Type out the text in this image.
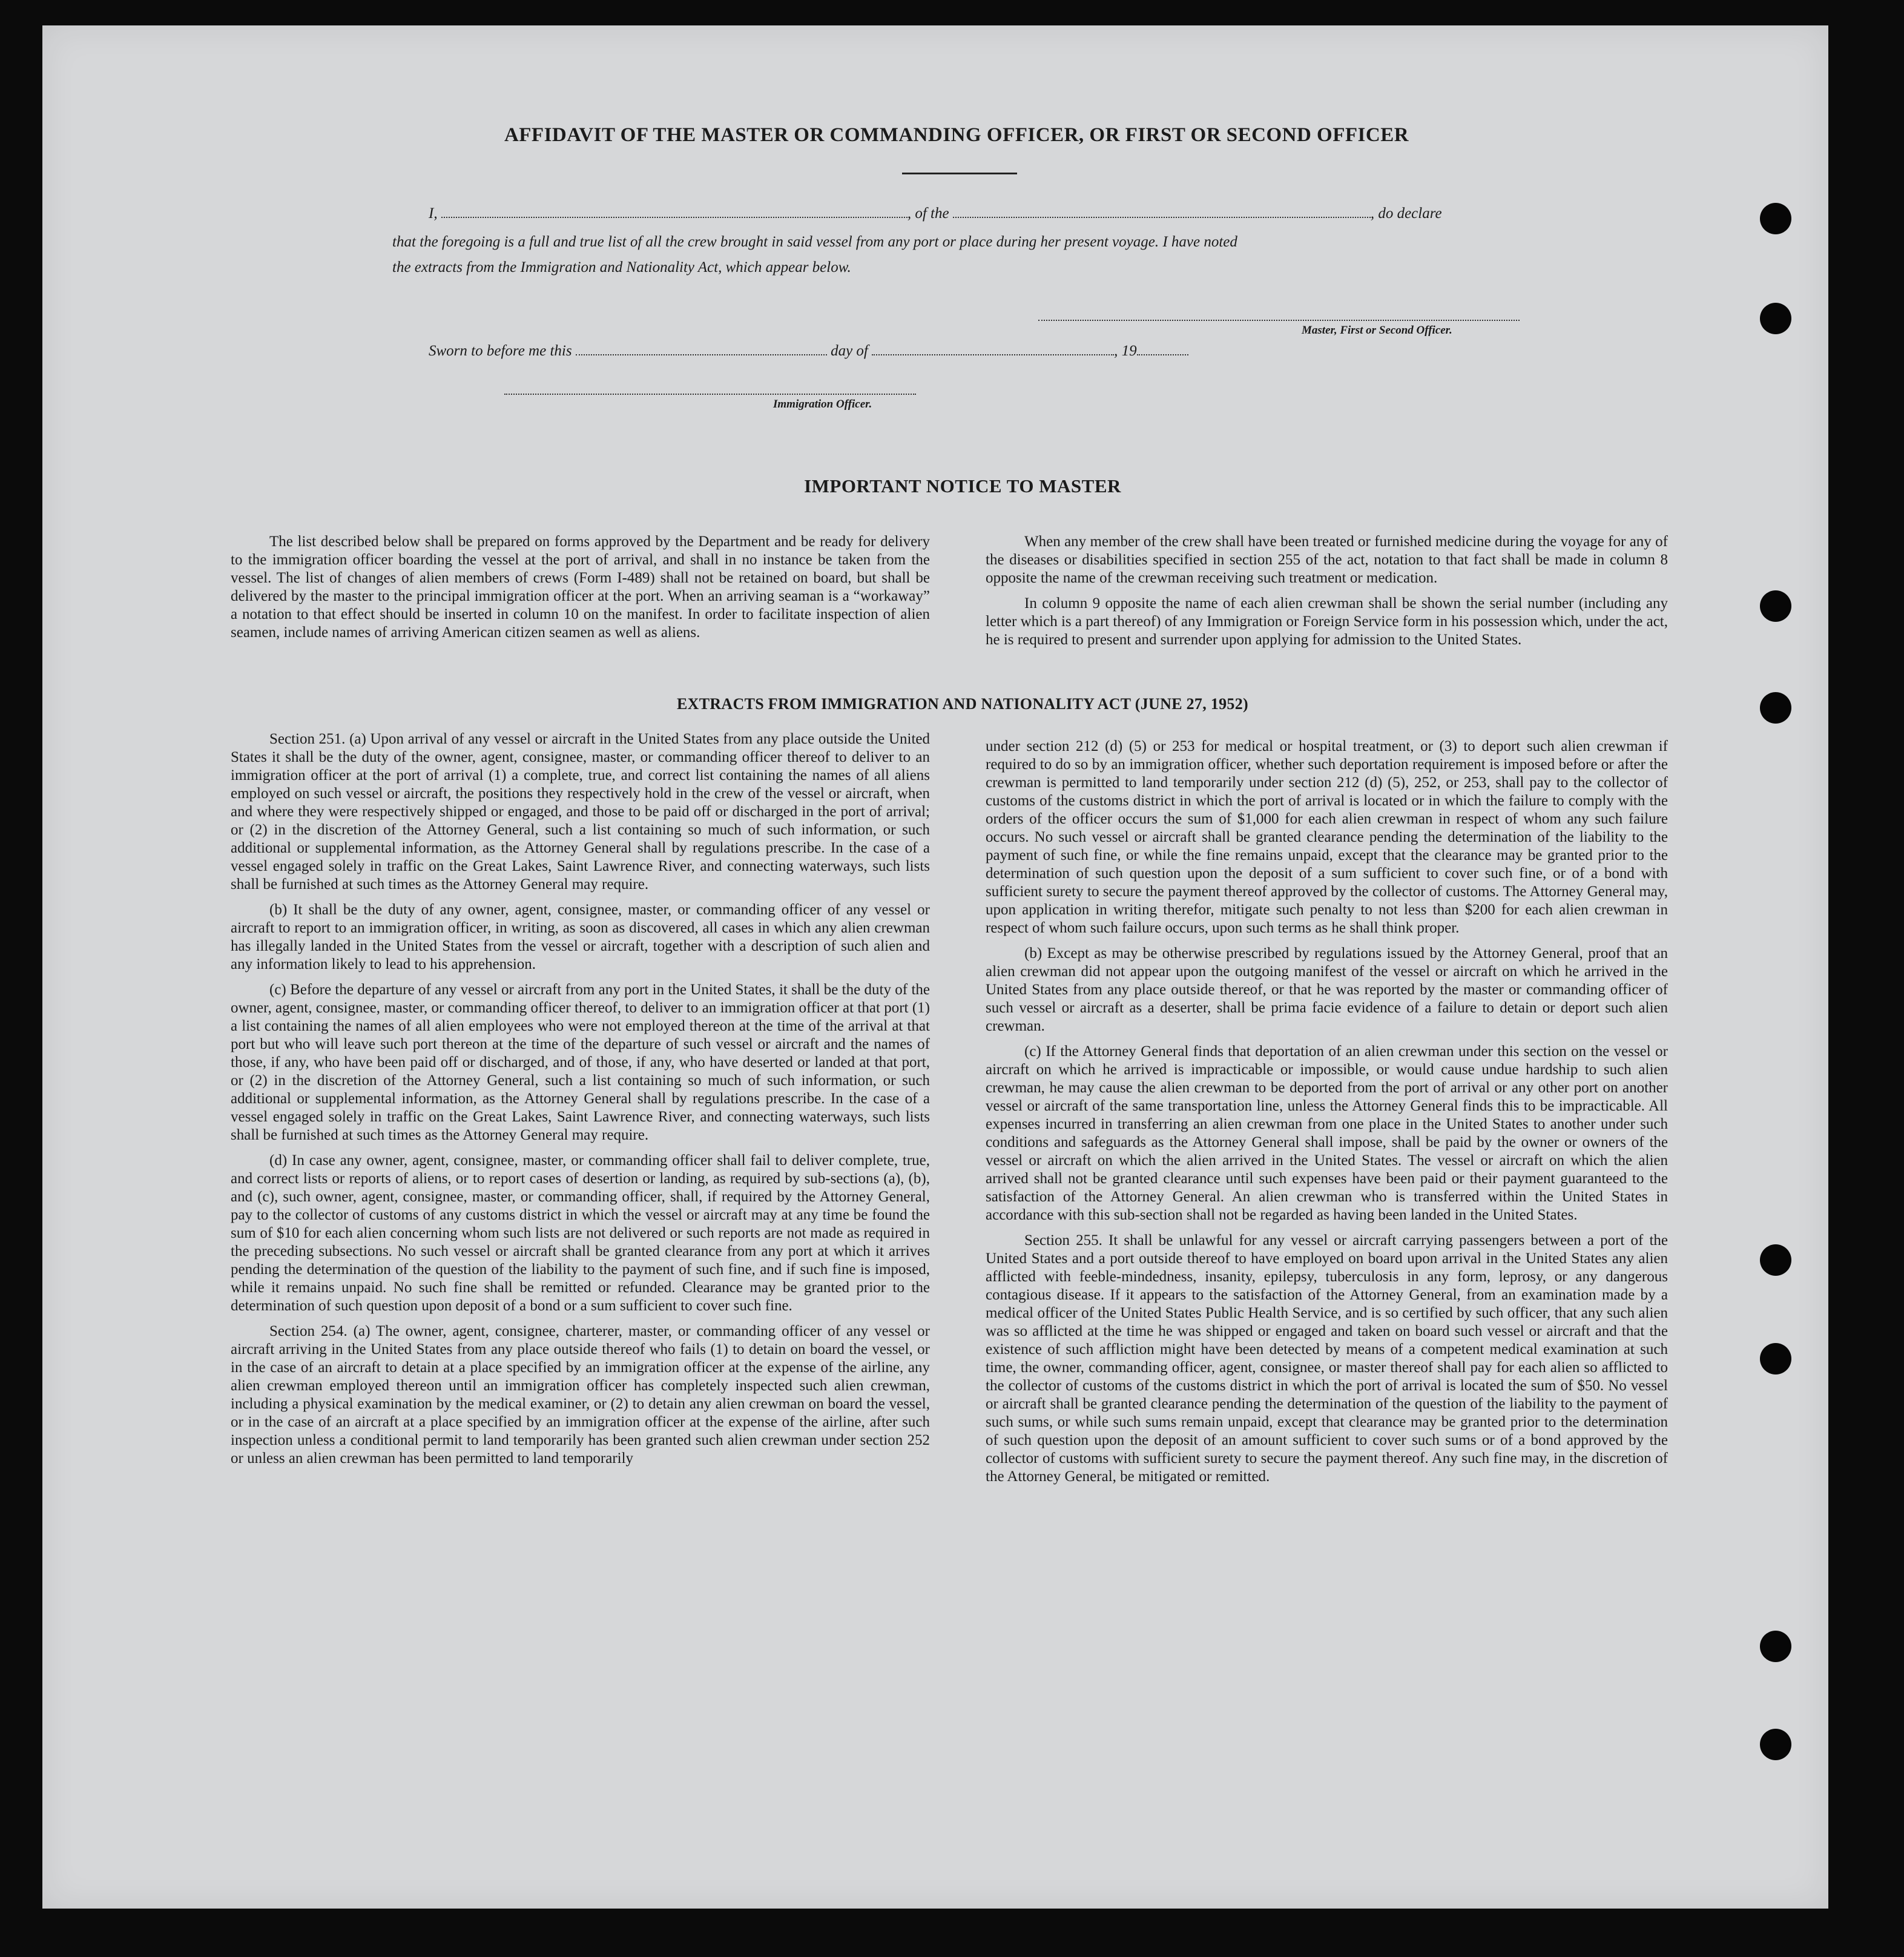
AFFIDAVIT OF THE MASTER OR COMMANDING OFFICER, OR FIRST OR SECOND OFFICER
I,	, of the	, do declare
that the foregoing is a full and true list of all the crew brought in said vessel from any port or place during her present voyage. I have noted
the extracts from the Immigration and Nationality Act, which appear below.
Master, First or Second Officer.
Sworn to before me this	day of	, 19
Immigration Officer.
IMPORTANT NOTICE TO MASTER

The list described below shall be prepared on forms approved by the Department and be ready for delivery to the immigration officer boarding the vessel at the port of arrival, and shall in no instance be taken from the vessel. The list of changes of alien members of crews (Form I-489) shall not be retained on board, but shall be delivered by the master to the principal immigration officer at the port. When an arriving seaman is a “workaway” a notation to that effect should be inserted in column 10 on the manifest. In order to facilitate inspection of alien seamen, include names of arriving American citizen seamen as well as aliens.

When any member of the crew shall have been treated or furnished medicine during the voyage for any of the diseases or disabilities specified in section 255 of the act, notation to that fact shall be made in column 8 opposite the name of the crewman receiving such treatment or medication.

In column 9 opposite the name of each alien crewman shall be shown the serial number (including any letter which is a part thereof) of any Immigration or Foreign Service form in his possession which, under the act, he is required to present and surrender upon applying for admission to the United States.

EXTRACTS FROM IMMIGRATION AND NATIONALITY ACT (JUNE 27, 1952)

Section 251. (a) Upon arrival of any vessel or aircraft in the United States from any place outside the United States it shall be the duty of the owner, agent, consignee, master, or commanding officer thereof to deliver to an immigration officer at the port of arrival (1) a complete, true, and correct list containing the names of all aliens employed on such vessel or aircraft, the positions they respectively hold in the crew of the vessel or aircraft, when and where they were respectively shipped or engaged, and those to be paid off or discharged in the port of arrival; or (2) in the discretion of the Attorney General, such a list containing so much of such information, or such additional or supplemental information, as the Attorney General shall by regulations prescribe. In the case of a vessel engaged solely in traffic on the Great Lakes, Saint Lawrence River, and connecting waterways, such lists shall be furnished at such times as the Attorney General may require.

(b) It shall be the duty of any owner, agent, consignee, master, or commanding officer of any vessel or aircraft to report to an immigration officer, in writing, as soon as discovered, all cases in which any alien crewman has illegally landed in the United States from the vessel or aircraft, together with a description of such alien and any information likely to lead to his apprehension.

(c) Before the departure of any vessel or aircraft from any port in the United States, it shall be the duty of the owner, agent, consignee, master, or commanding officer thereof, to deliver to an immigration officer at that port (1) a list containing the names of all alien employees who were not employed thereon at the time of the arrival at that port but who will leave such port thereon at the time of the departure of such vessel or aircraft and the names of those, if any, who have been paid off or discharged, and of those, if any, who have deserted or landed at that port, or (2) in the discretion of the Attorney General, such a list containing so much of such information, or such additional or supplemental information, as the Attorney General shall by regulations prescribe. In the case of a vessel engaged solely in traffic on the Great Lakes, Saint Lawrence River, and connecting waterways, such lists shall be furnished at such times as the Attorney General may require.

(d) In case any owner, agent, consignee, master, or commanding officer shall fail to deliver complete, true, and correct lists or reports of aliens, or to report cases of desertion or landing, as required by sub-sections (a), (b), and (c), such owner, agent, consignee, master, or commanding officer, shall, if required by the Attorney General, pay to the collector of customs of any customs district in which the vessel or aircraft may at any time be found the sum of $10 for each alien concerning whom such lists are not delivered or such reports are not made as required in the preceding subsections. No such vessel or aircraft shall be granted clearance from any port at which it arrives pending the determination of the question of the liability to the payment of such fine, and if such fine is imposed, while it remains unpaid. No such fine shall be remitted or refunded. Clearance may be granted prior to the determination of such question upon deposit of a bond or a sum sufficient to cover such fine.

Section 254. (a) The owner, agent, consignee, charterer, master, or commanding officer of any vessel or aircraft arriving in the United States from any place outside thereof who fails (1) to detain on board the vessel, or in the case of an aircraft to detain at a place specified by an immigration officer at the expense of the airline, any alien crewman employed thereon until an immigration officer has completely inspected such alien crewman, including a physical examination by the medical examiner, or (2) to detain any alien crewman on board the vessel, or in the case of an aircraft at a place specified by an immigration officer at the expense of the airline, after such inspection unless a conditional permit to land temporarily has been granted such alien crewman under section 252 or unless an alien crewman has been permitted to land temporarily

under section 212 (d) (5) or 253 for medical or hospital treatment, or (3) to deport such alien crewman if required to do so by an immigration officer, whether such deportation requirement is imposed before or after the crewman is permitted to land temporarily under section 212 (d) (5), 252, or 253, shall pay to the collector of customs of the customs district in which the port of arrival is located or in which the failure to comply with the orders of the officer occurs the sum of $1,000 for each alien crewman in respect of whom any such failure occurs. No such vessel or aircraft shall be granted clearance pending the determination of the liability to the payment of such fine, or while the fine remains unpaid, except that the clearance may be granted prior to the determination of such question upon the deposit of a sum sufficient to cover such fine, or of a bond with sufficient surety to secure the payment thereof approved by the collector of customs. The Attorney General may, upon application in writing therefor, mitigate such penalty to not less than $200 for each alien crewman in respect of whom such failure occurs, upon such terms as he shall think proper.

(b) Except as may be otherwise prescribed by regulations issued by the Attorney General, proof that an alien crewman did not appear upon the outgoing manifest of the vessel or aircraft on which he arrived in the United States from any place outside thereof, or that he was reported by the master or commanding officer of such vessel or aircraft as a deserter, shall be prima facie evidence of a failure to detain or deport such alien crewman.

(c) If the Attorney General finds that deportation of an alien crewman under this section on the vessel or aircraft on which he arrived is impracticable or impossible, or would cause undue hardship to such alien crewman, he may cause the alien crewman to be deported from the port of arrival or any other port on another vessel or aircraft of the same transportation line, unless the Attorney General finds this to be impracticable. All expenses incurred in transferring an alien crewman from one place in the United States to another under such conditions and safeguards as the Attorney General shall impose, shall be paid by the owner or owners of the vessel or aircraft on which the alien arrived in the United States. The vessel or aircraft on which the alien arrived shall not be granted clearance until such expenses have been paid or their payment guaranteed to the satisfaction of the Attorney General. An alien crewman who is transferred within the United States in accordance with this sub-section shall not be regarded as having been landed in the United States.

Section 255. It shall be unlawful for any vessel or aircraft carrying passengers between a port of the United States and a port outside thereof to have employed on board upon arrival in the United States any alien afflicted with feeble-mindedness, insanity, epilepsy, tuberculosis in any form, leprosy, or any dangerous contagious disease. If it appears to the satisfaction of the Attorney General, from an examination made by a medical officer of the United States Public Health Service, and is so certified by such officer, that any such alien was so afflicted at the time he was shipped or engaged and taken on board such vessel or aircraft and that the existence of such affliction might have been detected by means of a competent medical examination at such time, the owner, commanding officer, agent, consignee, or master thereof shall pay for each alien so afflicted to the collector of customs of the customs district in which the port of arrival is located the sum of $50. No vessel or aircraft shall be granted clearance pending the determination of the question of the liability to the payment of such sums, or while such sums remain unpaid, except that clearance may be granted prior to the determination of such question upon the deposit of an amount sufficient to cover such sums or of a bond approved by the collector of customs with sufficient surety to secure the payment thereof. Any such fine may, in the discretion of the Attorney General, be mitigated or remitted.
